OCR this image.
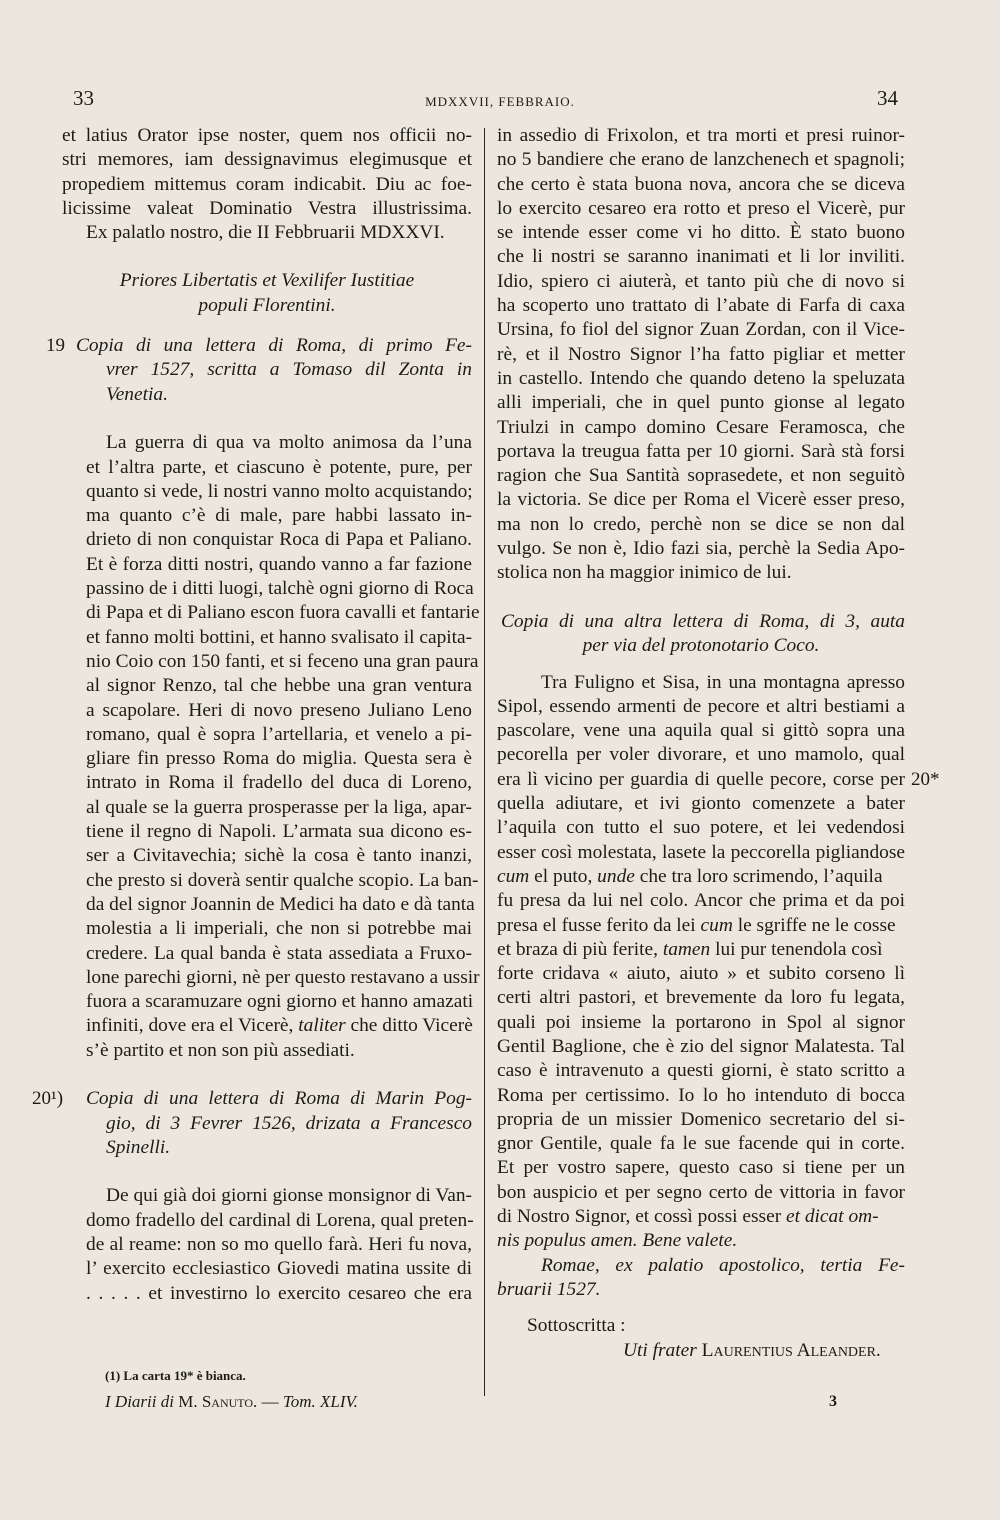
33	MDXXVII, FEBBRAIO.	34
et latius Orator ipse noster, quem nos officii no-
stri memores, iam dessignavimus elegimusque et
propediem mittemus coram indicabit. Diu ac foe-
licissime valeat Dominatio Vestra illustrissima.
Ex palatlo nostro, die II Febbruarii MDXXVI.
Priores Libertatis et Vexilifer Iustitiae
populi Florentini.
19 Copia di una lettera di Roma, di primo Fe-
vrer 1527, scritta a Tomaso dil Zonta in
Venetia.
La guerra di qua va molto animosa da l’una
et l’altra parte, et ciascuno è potente, pure, per
quanto si vede, li nostri vanno molto acquistando;
ma quanto c’è di male, pare habbi lassato in-
drieto di non conquistar Roca di Papa et Paliano.
Et è forza ditti nostri, quando vanno a far fazione
passino de i ditti luogi, talchè ogni giorno di Roca
di Papa et di Paliano escon fuora cavalli et fantarie
et fanno molti bottini, et hanno svalisato il capita-
nio Coio con 150 fanti, et si feceno una gran paura
al signor Renzo, tal che hebbe una gran ventura
a scapolare. Heri di novo preseno Juliano Leno
romano, qual è sopra l’artellaria, et venelo a pi-
gliare fin presso Roma do miglia. Questa sera è
intrato in Roma il fradello del duca di Loreno,
al quale se la guerra prosperasse per la liga, apar-
tiene il regno di Napoli. L’armata sua dicono es-
ser a Civitavechia; sichè la cosa è tanto inanzi,
che presto si doverà sentir qualche scopio. La ban-
da del signor Joannin de Medici ha dato e dà tanta
molestia a li imperiali, che non si potrebbe mai
credere. La qual banda è stata assediata a Fruxo-
lone parechi giorni, nè per questo restavano a ussir
fuora a scaramuzare ogni giorno et hanno amazati
infiniti, dove era el Vicerè, taliter che ditto Vicerè
s’è partito et non son più assediati.
20¹)	Copia di una lettera di Roma di Marin Pog-
gio, di 3 Fevrer 1526, drizata a Francesco
Spinelli.
De qui già doi giorni gionse monsignor di Van-
domo fradello del cardinal di Lorena, qual preten-
de al reame: non so mo quello farà. Heri fu nova,
l’ exercito ecclesiastico Giovedi matina ussite di
. . . . . et investirno lo exercito cesareo che era
in assedio di Frixolon, et tra morti et presi ruinor-
no 5 bandiere che erano de lanzchenech et spagnoli;
che certo è stata buona nova, ancora che se diceva
lo exercito cesareo era rotto et preso el Vicerè, pur
se intende esser come vi ho ditto. È stato buono
che li nostri se saranno inanimati et li lor inviliti.
Idio, spiero ci aiuterà, et tanto più che di novo si
ha scoperto uno trattato di l’abate di Farfa di caxa
Ursina, fo fiol del signor Zuan Zordan, con il Vice-
rè, et il Nostro Signor l’ha fatto pigliar et metter
in castello. Intendo che quando deteno la speluzata
alli imperiali, che in quel punto gionse al legato
Triulzi in campo domino Cesare Feramosca, che
portava la treugua fatta per 10 giorni. Sarà stà forsi
ragion che Sua Santità soprasedete, et non seguitò
la victoria. Se dice per Roma el Vicerè esser preso,
ma non lo credo, perchè non se dice se non dal
vulgo. Se non è, Idio fazi sia, perchè la Sedia Apo-
stolica non ha maggior inimico de lui.
Copia di una altra lettera di Roma, di 3, auta
per via del protonotario Coco.
20*
Tra Fuligno et Sisa, in una montagna apresso
Sipol, essendo armenti de pecore et altri bestiami a
pascolare, vene una aquila qual si gittò sopra una
pecorella per voler divorare, et uno mamolo, qual
era lì vicino per guardia di quelle pecore, corse per
quella adiutare, et ivi gionto comenzete a bater
l’aquila con tutto el suo potere, et lei vedendosi
esser così molestata, lasete la peccorella pigliandose
cum el puto, unde che tra loro scrimendo, l’aquila
fu presa da lui nel colo. Ancor che prima et da poi
presa el fusse ferito da lei cum le sgriffe ne le cosse
et braza di più ferite, tamen lui pur tenendola così
forte cridava « aiuto, aiuto » et subito corseno lì
certi altri pastori, et brevemente da loro fu legata,
quali poi insieme la portarono in Spol al signor
Gentil Baglione, che è zio del signor Malatesta. Tal
caso è intravenuto a questi giorni, è stato scritto a
Roma per certissimo. Io lo ho intenduto di bocca
propria de un missier Domenico secretario del si-
gnor Gentile, quale fa le sue facende qui in corte.
Et per vostro sapere, questo caso si tiene per un
bon auspicio et per segno certo de vittoria in favor
di Nostro Signor, et cossì possi esser et dicat om-
nis populus amen. Bene valete.
Romae, ex palatio apostolico, tertia Fe-
bruarii 1527.
Sottoscritta :
Uti frater Laurentius Aleander.
(1) La carta 19* è bianca.
I Diarii di M. Sanuto. — Tom. XLIV.	3
